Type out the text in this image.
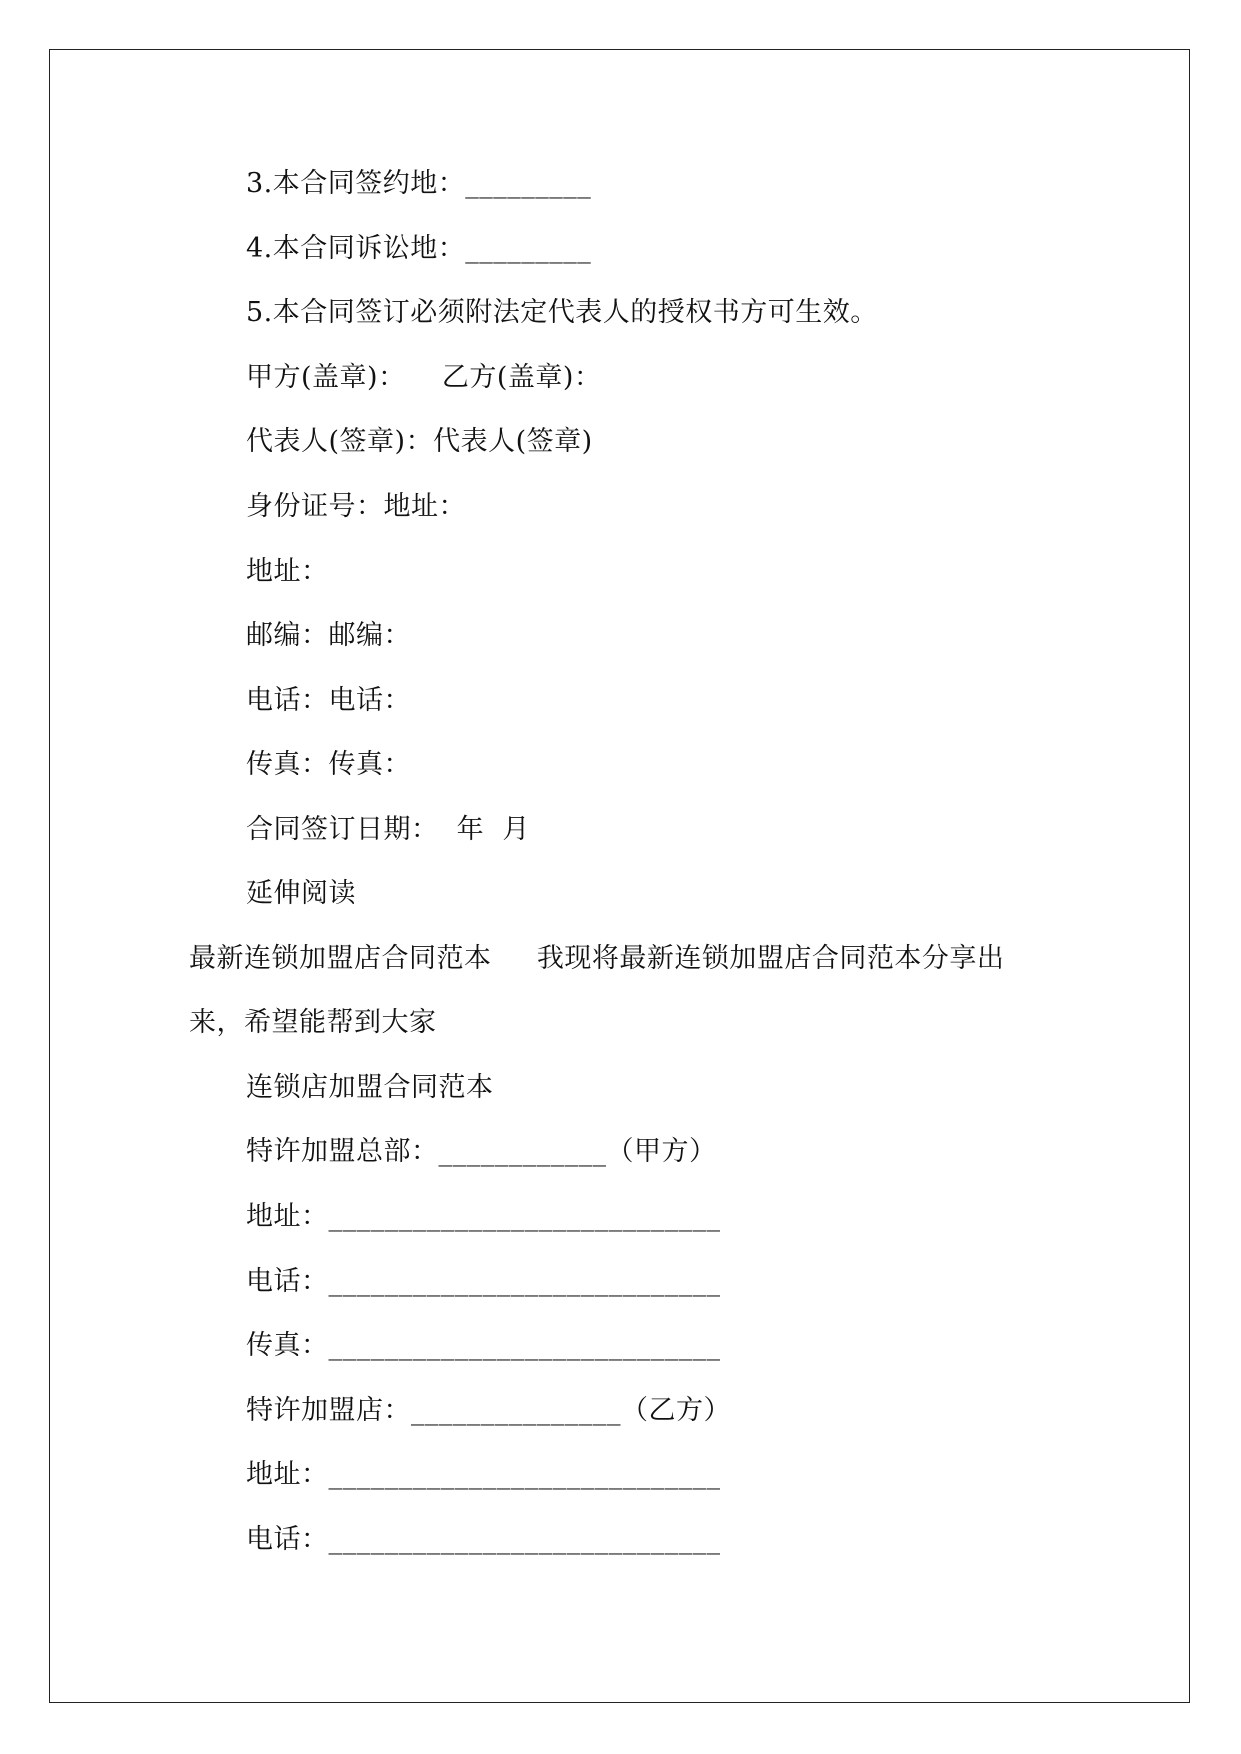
3.本合同签约地：_________
4.本合同诉讼地：_________
5.本合同签订必须附法定代表人的授权书方可生效。
甲方(盖章)：    乙方(盖章)：
代表人(签章)：代表人(签章)
身份证号：地址：
地址：
邮编：邮编：
电话：电话：
传真：传真：
合同签订日期：  年  月
延伸阅读
最新连锁加盟店合同范本     我现将最新连锁加盟店合同范本分享出
来，希望能帮到大家
连锁店加盟合同范本
特许加盟总部：____________（甲方）
地址：____________________________
电话：____________________________
传真：____________________________
特许加盟店：_______________（乙方）
地址：____________________________
电话：____________________________
